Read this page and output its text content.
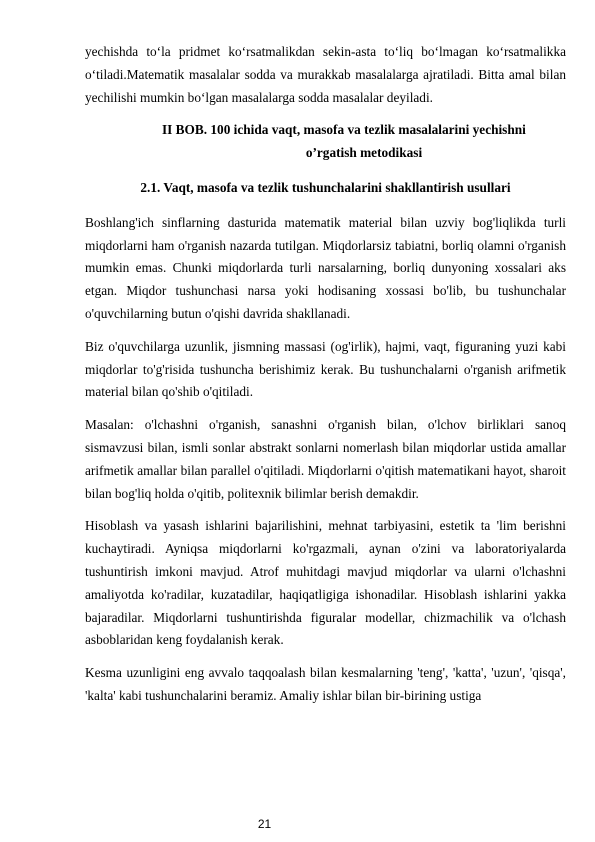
yechishda to‘la pridmet ko‘rsatmalikdan sekin-asta to‘liq bo‘lmagan ko‘rsatmalikka o‘tiladi.Matematik masalalar sodda va murakkab masalalarga ajratiladi. Bitta amal bilan yechilishi mumkin bo‘lgan masalalarga sodda masalalar deyiladi.

II BOB. 100 ichida vaqt, masofa va tezlik masalalarini yechishni
o’rgatish metodikasi
2.1. Vaqt, masofa va tezlik tushunchalarini shakllantirish usullari

Boshlang'ich sinflarning dasturida matematik material bilan uzviy bog'liqlikda turli miqdorlarni ham o'rganish nazarda tutilgan. Miqdorlarsiz tabiatni, borliq olamni o'rganish mumkin emas. Chunki miqdorlarda turli narsalarning, borliq dunyoning xossalari aks etgan. Miqdor tushunchasi narsa yoki hodisaning xossasi bo'lib, bu tushunchalar o'quvchilarning butun o'qishi davrida shakllanadi.

Biz o'quvchilarga uzunlik, jismning massasi (og'irlik), hajmi, vaqt, figuraning yuzi kabi miqdorlar to'g'risida tushuncha berishimiz kerak. Bu tushunchalarni o'rganish arifmetik material bilan qo'shib o'qitiladi.

Masalan: o'lchashni o'rganish, sanashni o'rganish bilan, o'lchov birliklari sanoq sismavzusi bilan, ismli sonlar abstrakt sonlarni nomerlash bilan miqdorlar ustida amallar arifmetik amallar bilan parallel o'qitiladi. Miqdorlarni o'qitish matematikani hayot, sharoit bilan bog'liq holda o'qitib, politexnik bilimlar berish demakdir.

Hisoblash va yasash ishlarini bajarilishini, mehnat tarbiyasini, estetik ta 'lim berishni kuchaytiradi. Ayniqsa miqdorlarni ko'rgazmali, aynan o'zini va laboratoriyalarda tushuntirish imkoni mavjud. Atrof muhitdagi mavjud miqdorlar va ularni o'lchashni amaliyotda ko'radilar, kuzatadilar, haqiqatligiga ishonadilar. Hisoblash ishlarini yakka bajaradilar. Miqdorlarni tushuntirishda figuralar modellar, chizmachilik va o'lchash asboblaridan keng foydalanish kerak.

Kesma uzunligini eng avvalo taqqoalash bilan kesmalarning 'teng', 'katta', 'uzun', 'qisqa', 'kalta' kabi tushunchalarini beramiz. Amaliy ishlar bilan bir-birining ustiga

21
